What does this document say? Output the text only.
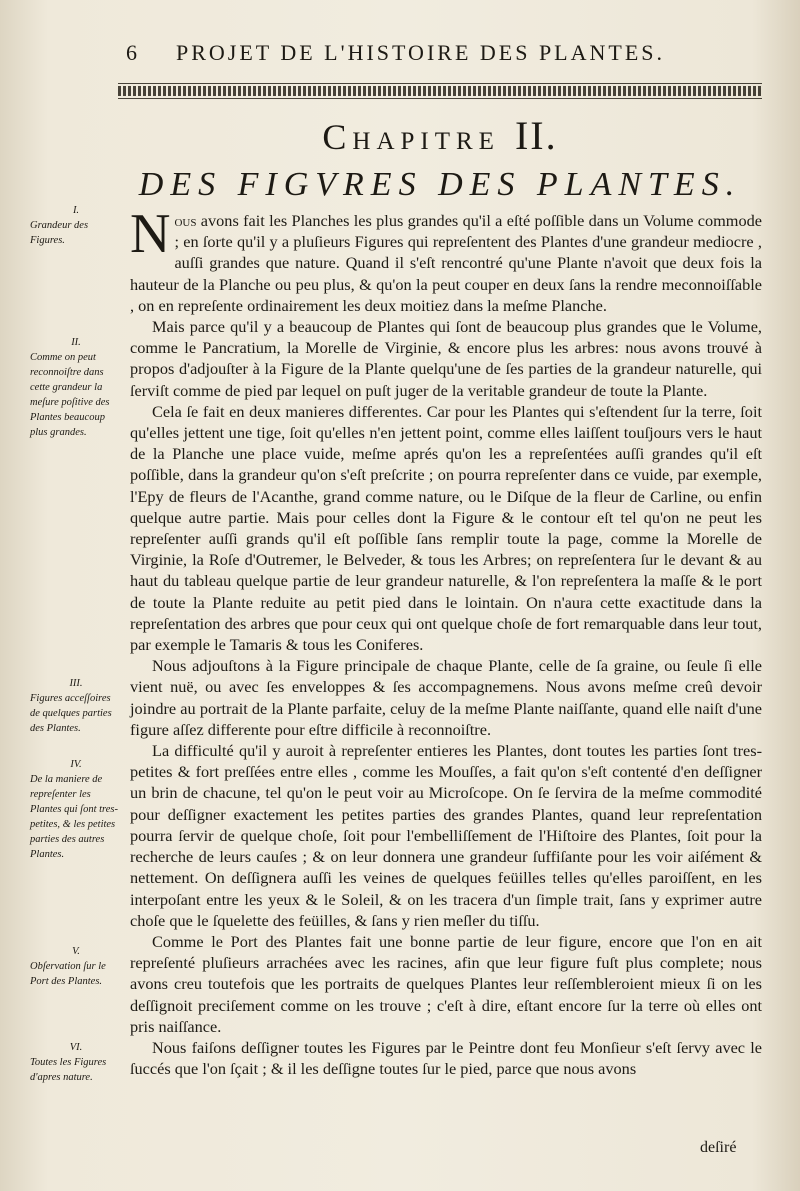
6 PROJET DE L'HISTOIRE DES PLANTES.
Chapitre II.
DES FIGVRES DES PLANTES.
I.
Grandeur des Figures.
II.
Comme on peut reconnoiſtre dans cette grandeur la meſure poſitive des Plantes beaucoup plus grandes.
III.
Figures acceſſoires de quelques parties des Plantes.
IV.
De la maniere de repreſenter les Plantes qui ſont tres-petites, & les petites parties des autres Plantes.
V.
Obſervation ſur le Port des Plantes.
VI.
Toutes les Figures d'apres nature.

Nous avons fait les Planches les plus grandes qu'il a eſté poſſible dans un Volume commode ; en ſorte qu'il y a pluſieurs Figures qui repreſentent des Plantes d'une grandeur mediocre , auſſi grandes que nature. Quand il s'eſt rencontré qu'une Plante n'avoit que deux fois la hauteur de la Planche ou peu plus, & qu'on la peut couper en deux ſans la rendre meconnoiſſable , on en repreſente ordinairement les deux moitiez dans la meſme Planche.

Mais parce qu'il y a beaucoup de Plantes qui ſont de beaucoup plus grandes que le Volume, comme le Pancratium, la Morelle de Virginie, & encore plus les arbres: nous avons trouvé à propos d'adjouſter à la Figure de la Plante quelqu'une de ſes parties de la grandeur naturelle, qui ſerviſt comme de pied par lequel on puſt juger de la veritable grandeur de toute la Plante.

Cela ſe fait en deux manieres differentes. Car pour les Plantes qui s'eſtendent ſur la terre, ſoit qu'elles jettent une tige, ſoit qu'elles n'en jettent point, comme elles laiſſent touſjours vers le haut de la Planche une place vuide, meſme aprés qu'on les a repreſentées auſſi grandes qu'il eſt poſſible, dans la grandeur qu'on s'eſt preſcrite ; on pourra repreſenter dans ce vuide, par exemple, l'Epy de fleurs de l'Acanthe, grand comme nature, ou le Diſque de la fleur de Carline, ou enfin quelque autre partie. Mais pour celles dont la Figure & le contour eſt tel qu'on ne peut les repreſenter auſſi grands qu'il eſt poſſible ſans remplir toute la page, comme la Morelle de Virginie, la Roſe d'Outremer, le Belveder, & tous les Arbres; on repreſentera ſur le devant & au haut du tableau quelque partie de leur grandeur naturelle, & l'on repreſentera la maſſe & le port de toute la Plante reduite au petit pied dans le lointain. On n'aura cette exactitude dans la repreſentation des arbres que pour ceux qui ont quelque choſe de fort remarquable dans leur tout, par exemple le Tamaris & tous les Coniferes.

Nous adjouſtons à la Figure principale de chaque Plante, celle de ſa graine, ou ſeule ſi elle vient nuë, ou avec ſes enveloppes & ſes accompagnemens. Nous avons meſme creû devoir joindre au portrait de la Plante parfaite, celuy de la meſme Plante naiſſante, quand elle naiſt d'une figure aſſez differente pour eſtre difficile à reconnoiſtre.

La difficulté qu'il y auroit à repreſenter entieres les Plantes, dont toutes les parties ſont tres-petites & fort preſſées entre elles , comme les Mouſſes, a fait qu'on s'eſt contenté d'en deſſigner un brin de chacune, tel qu'on le peut voir au Microſcope. On ſe ſervira de la meſme commodité pour deſſigner exactement les petites parties des grandes Plantes, quand leur repreſentation pourra ſervir de quelque choſe, ſoit pour l'embelliſſement de l'Hiſtoire des Plantes, ſoit pour la recherche de leurs cauſes ; & on leur donnera une grandeur ſuffiſante pour les voir aiſément & nettement. On deſſignera auſſi les veines de quelques feüilles telles qu'elles paroiſſent, en les interpoſant entre les yeux & le Soleil, & on les tracera d'un ſimple trait, ſans y exprimer autre choſe que le ſquelette des feüilles, & ſans y rien meſler du tiſſu.

Comme le Port des Plantes fait une bonne partie de leur figure, encore que l'on en ait repreſenté pluſieurs arrachées avec les racines, afin que leur figure fuſt plus complete; nous avons creu toutefois que les portraits de quelques Plantes leur reſſembleroient mieux ſi on les deſſignoit preciſement comme on les trouve ; c'eſt à dire, eſtant encore ſur la terre où elles ont pris naiſſance.

Nous faiſons deſſigner toutes les Figures par le Peintre dont feu Monſieur s'eſt ſervy avec le ſuccés que l'on ſçait ; & il les deſſigne toutes ſur le pied, parce que nous avons

deſiré
